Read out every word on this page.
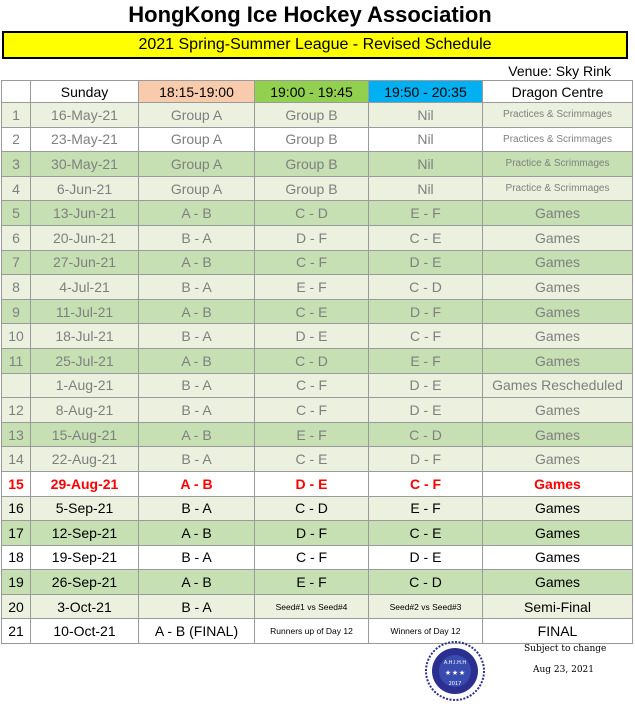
HongKong Ice Hockey Association
2021 Spring-Summer League - Revised Schedule
Venue: Sky Rink
	Sunday	18:15-19:00	19:00 - 19:45	19:50 - 20:35	Dragon Centre
1	16-May-21	Group A	Group B	Nil	Practices & Scrimmages
2	23-May-21	Group A	Group B	Nil	Practices & Scrimmages
3	30-May-21	Group A	Group B	Nil	Practice & Scrimmages
4	6-Jun-21	Group A	Group B	Nil	Practice & Scrimmages
5	13-Jun-21	A - B	C - D	E - F	Games
6	20-Jun-21	B - A	D - F	C - E	Games
7	27-Jun-21	A - B	C - F	D - E	Games
8	4-Jul-21	B - A	E - F	C - D	Games
9	11-Jul-21	A - B	C - E	D - F	Games
10	18-Jul-21	B - A	D - E	C - F	Games
11	25-Jul-21	A - B	C - D	E - F	Games
	1-Aug-21	B - A	C - F	D - E	Games Rescheduled
12	8-Aug-21	B - A	C - F	D - E	Games
13	15-Aug-21	A - B	E - F	C - D	Games
14	22-Aug-21	B - A	C - E	D - F	Games
15	29-Aug-21	A - B	D - E	C - F	Games
16	5-Sep-21	B - A	C - D	E - F	Games
17	12-Sep-21	A - B	D - F	C - E	Games
18	19-Sep-21	B - A	C - F	D - E	Games
19	26-Sep-21	A - B	E - F	C - D	Games
20	3-Oct-21	B - A	Seed#1 vs Seed#4	Seed#2 vs Seed#3	Semi-Final
21	10-Oct-21	A - B (FINAL)	Runners up of Day 12	Winners of Day 12	FINAL
A.H.I.H.H
★ ★ ★
2017
Subject to change
Aug 23, 2021
